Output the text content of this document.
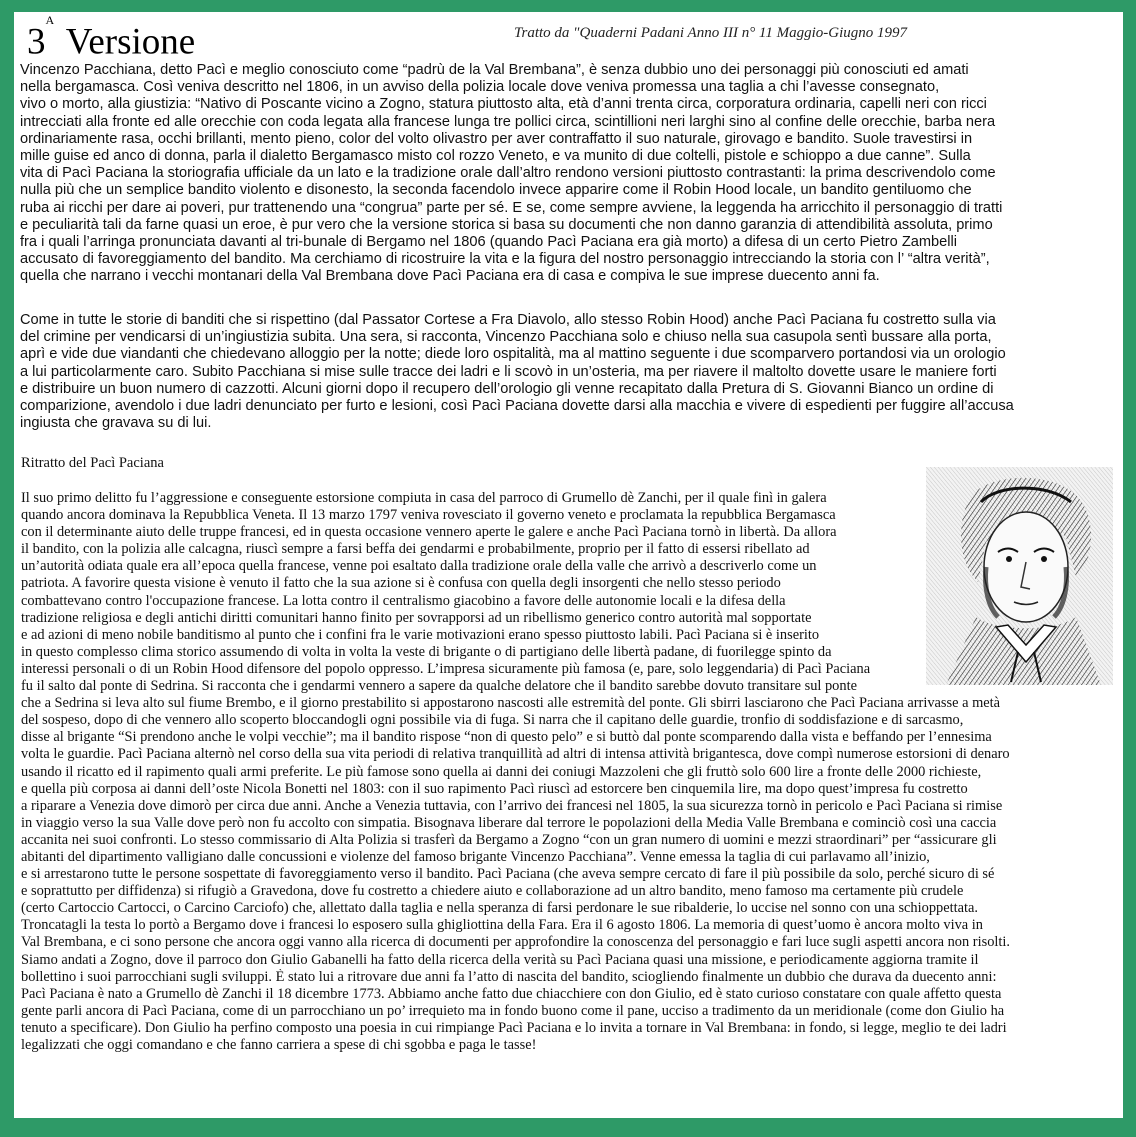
$3^A$ Versione	Tratto da "Quaderni Padani Anno III n° 11 Maggio-Giugno 1997
Vincenzo Pacchiana, detto Pacì e meglio conosciuto come “padrù de la Val Brembana”, è senza dubbio uno dei personaggi più conosciuti ed amati
nella bergamasca. Così veniva descritto nel 1806, in un avviso della polizia locale dove veniva promessa una taglia a chi l’avesse consegnato,
vivo o morto, alla giustizia: “Nativo di Poscante vicino a Zogno, statura piuttosto alta, età d’anni trenta circa, corporatura ordinaria, capelli neri con ricci
intrecciati alla fronte ed alle orecchie con coda legata alla francese lunga tre pollici circa, scintillioni neri larghi sino al confine delle orecchie, barba nera
ordinariamente rasa, occhi brillanti, mento pieno, color del volto olivastro per aver contraffatto il suo naturale, girovago e bandito. Suole travestirsi in
mille guise ed anco di donna, parla il dialetto Bergamasco misto col rozzo Veneto, e va munito di due coltelli, pistole e schioppo a due canne”. Sulla
vita di Pacì Paciana la storiografia ufficiale da un lato e la tradizione orale dall’altro rendono versioni piuttosto contrastanti: la prima descrivendolo come
nulla più che un semplice bandito violento e disonesto, la seconda facendolo invece apparire come il Robin Hood locale, un bandito gentiluomo che
ruba ai ricchi per dare ai poveri, pur trattenendo una “congrua” parte per sé. E se, come sempre avviene, la leggenda ha arricchito il personaggio di tratti
e peculiarità tali da farne quasi un eroe, è pur vero che la versione storica si basa su documenti che non danno garanzia di attendibilità assoluta, primo
fra i quali l’arringa pronunciata davanti al tri-bunale di Bergamo nel 1806 (quando Pacì Paciana era già morto) a difesa di un certo Pietro Zambelli
accusato di favoreggiamento del bandito. Ma cerchiamo di ricostruire la vita e la figura del nostro personaggio intrecciando la storia con l’ “altra verità”,
quella che narrano i vecchi montanari della Val Brembana dove Pacì Paciana era di casa e compiva le sue imprese duecento anni fa.
Come in tutte le storie di banditi che si rispettino (dal Passator Cortese a Fra Diavolo, allo stesso Robin Hood) anche Pacì Paciana fu costretto sulla via
del crimine per vendicarsi di un’ingiustizia subita. Una sera, si racconta, Vincenzo Pacchiana solo e chiuso nella sua casupola sentì bussare alla porta,
aprì e vide due viandanti che chiedevano alloggio per la notte; diede loro ospitalità, ma al mattino seguente i due scomparvero portandosi via un orologio
a lui particolarmente caro. Subito Pacchiana si mise sulle tracce dei ladri e li scovò in un’osteria, ma per riavere il maltolto dovette usare le maniere forti
e distribuire un buon numero di cazzotti. Alcuni giorni dopo il recupero dell’orologio gli venne recapitato dalla Pretura di S. Giovanni Bianco un ordine di
comparizione, avendolo i due ladri denunciato per furto e lesioni, così Pacì Paciana dovette darsi alla macchia e vivere di espedienti per fuggire all’accusa
ingiusta che gravava su di lui.
Ritratto del Pacì Paciana
Il suo primo delitto fu l’aggressione e conseguente estorsione compiuta in casa del parroco di Grumello dè Zanchi, per il quale finì in galera
quando ancora dominava la Repubblica Veneta. Il 13 marzo 1797 veniva rovesciato il governo veneto e proclamata la repubblica Bergamasca
con il determinante aiuto delle truppe francesi, ed in questa occasione vennero aperte le galere e anche Pacì Paciana tornò in libertà. Da allora
il bandito, con la polizia alle calcagna, riuscì sempre a farsi beffa dei gendarmi e probabilmente, proprio per il fatto di essersi ribellato ad
un’autorità odiata quale era all’epoca quella francese, venne poi esaltato dalla tradizione orale della valle che arrivò a descriverlo come un
patriota. A favorire questa visione è venuto il fatto che la sua azione si è confusa con quella degli insorgenti che nello stesso periodo
combattevano contro l'occupazione francese. La lotta contro il centralismo giacobino a favore delle autonomie locali e la difesa della
tradizione religiosa e degli antichi diritti comunitari hanno finito per sovrapporsi ad un ribellismo generico contro autorità mal sopportate
e ad azioni di meno nobile banditismo al punto che i confini fra le varie motivazioni erano spesso piuttosto labili. Pacì Paciana si è inserito
in questo complesso clima storico assumendo di volta in volta la veste di brigante o di partigiano delle libertà padane, di fuorilegge spinto da
interessi personali o di un Robin Hood difensore del popolo oppresso. L’impresa sicuramente più famosa (e, pare, solo leggendaria) di Pacì Paciana
fu il salto dal ponte di Sedrina. Si racconta che i gendarmi vennero a sapere da qualche delatore che il bandito sarebbe dovuto transitare sul ponte
che a Sedrina si leva alto sul fiume Brembo, e il giorno prestabilito si appostarono nascosti alle estremità del ponte. Gli sbirri lasciarono che Pacì Paciana arrivasse a metà
del sospeso, dopo di che vennero allo scoperto bloccandogli ogni possibile via di fuga. Si narra che il capitano delle guardie, tronfio di soddisfazione e di sarcasmo,
disse al brigante “Si prendono anche le volpi vecchie”; ma il bandito rispose “non di questo pelo” e si buttò dal ponte scomparendo dalla vista e beffando per l’ennesima
volta le guardie. Pacì Paciana alternò nel corso della sua vita periodi di relativa tranquillità ad altri di intensa attività brigantesca, dove compì numerose estorsioni di denaro
usando il ricatto ed il rapimento quali armi preferite. Le più famose sono quella ai danni dei coniugi Mazzoleni che gli fruttò solo 600 lire a fronte delle 2000 richieste,
e quella più corposa ai danni dell’oste Nicola Bonetti nel 1803: con il suo rapimento Pacì riuscì ad estorcere ben cinquemila lire, ma dopo quest’impresa fu costretto
a riparare a Venezia dove dimorò per circa due anni. Anche a Venezia tuttavia, con l’arrivo dei francesi nel 1805, la sua sicurezza tornò in pericolo e Pacì Paciana si rimise
in viaggio verso la sua Valle dove però non fu accolto con simpatia. Bisognava liberare dal terrore le popolazioni della Media Valle Brembana e cominciò così una caccia
accanita nei suoi confronti. Lo stesso commissario di Alta Polizia si trasferì da Bergamo a Zogno “con un gran numero di uomini e mezzi straordinari” per “assicurare gli
abitanti del dipartimento valligiano dalle concussioni e violenze del famoso brigante Vincenzo Pacchiana”. Venne emessa la taglia di cui parlavamo all’inizio,
e si arrestarono tutte le persone sospettate di favoreggiamento verso il bandito. Pacì Paciana (che aveva sempre cercato di fare il più possibile da solo, perché sicuro di sé
e soprattutto per diffidenza) si rifugiò a Gravedona, dove fu costretto a chiedere aiuto e collaborazione ad un altro bandito, meno famoso ma certamente più crudele
(certo Cartoccio Cartocci, o Carcino Carciofo) che, allettato dalla taglia e nella speranza di farsi perdonare le sue ribalderie, lo uccise nel sonno con una schioppettata.
Troncatagli la testa lo portò a Bergamo dove i francesi lo esposero sulla ghigliottina della Fara. Era il 6 agosto 1806. La memoria di quest’uomo è ancora molto viva in
Val Brembana, e ci sono persone che ancora oggi vanno alla ricerca di documenti per approfondire la conoscenza del personaggio e fari luce sugli aspetti ancora non risolti.
Siamo andati a Zogno, dove il parroco don Giulio Gabanelli ha fatto della ricerca della verità su Pacì Paciana quasi una missione, e periodicamente aggiorna tramite il
bollettino i suoi parrocchiani sugli sviluppi. È stato lui a ritrovare due anni fa l’atto di nascita del bandito, sciogliendo finalmente un dubbio che durava da duecento anni:
Pacì Paciana è nato a Grumello dè Zanchi il 18 dicembre 1773. Abbiamo anche fatto due chiacchiere con don Giulio, ed è stato curioso constatare con quale affetto questa
gente parli ancora di Pacì Paciana, come di un parrocchiano un po’ irrequieto ma in fondo buono come il pane, ucciso a tradimento da un meridionale (come don Giulio ha
tenuto a specificare). Don Giulio ha perfino composto una poesia in cui rimpiange Pacì Paciana e lo invita a tornare in Val Brembana: in fondo, si legge, meglio te dei ladri
legalizzati che oggi comandano e che fanno carriera a spese di chi sgobba e paga le tasse!
